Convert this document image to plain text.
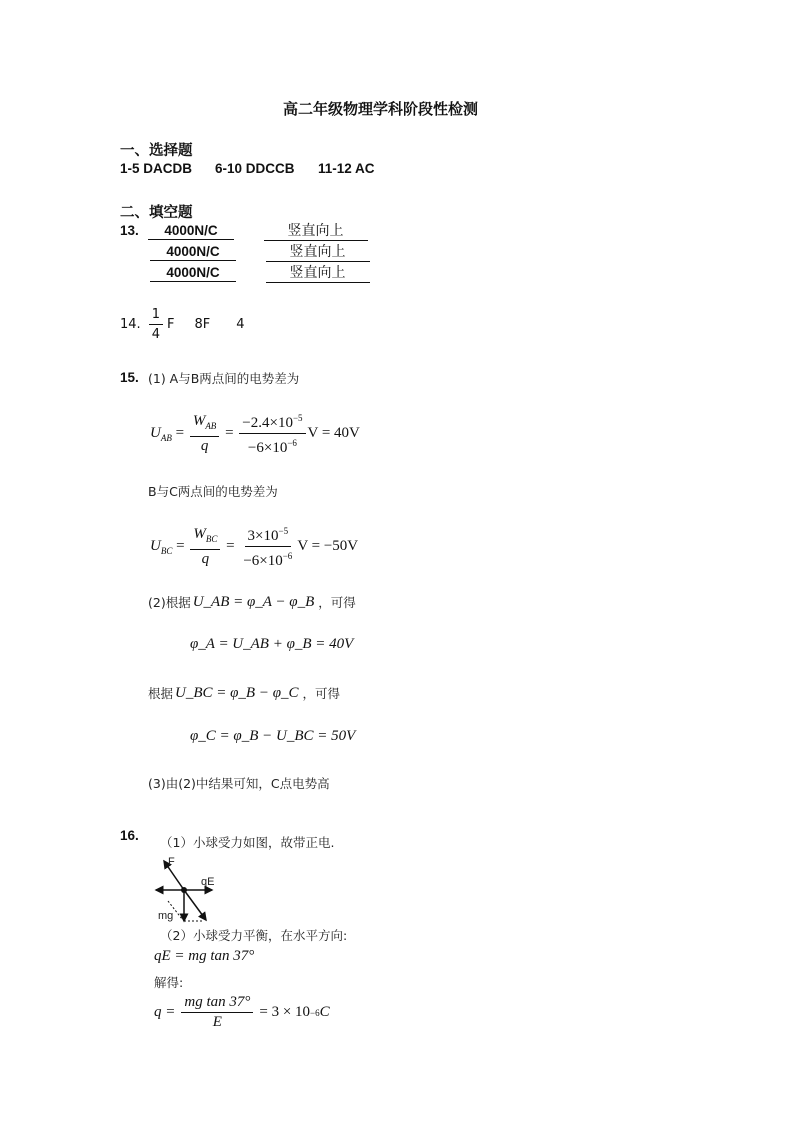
高二年级物理学科阶段性检测
一、选择题
1-5 DACDB 6-10 DDCCB 11-12 AC
二、填空题
13.	4000N/C	竖直向上
4000N/C	竖直向上
4000N/C	竖直向上
14. $\frac{1}{4}$ F 8F 4
15. (1) A与B两点间的电势差为
$U_{AB} = \frac{W_{AB}}{q} = \frac{-2.4\times 10^{-5}}{-6\times 10^{-6}}$ V = 40V
B与C两点间的电势差为
$U_{BC} = \frac{W_{BC}}{q} = \frac{3\times 10^{-5}}{-6\times 10^{-6}}$ V = −50V
(2)根据 U_AB = φ_A − φ_B ，可得
φ_A = U_AB + φ_B = 40V
根据 U_BC = φ_B − φ_C ，可得
φ_C = φ_B − U_BC = 50V
(3)由(2)中结果可知，C点电势高
16. （1）小球受力如图，故带正电.
F
qE
mg
（2）小球受力平衡，在水平方向:
qE = mg tan 37°
解得:
$q = \frac{\text{mg tan 37°}}{E} = 3 \times 10 -6$ C
